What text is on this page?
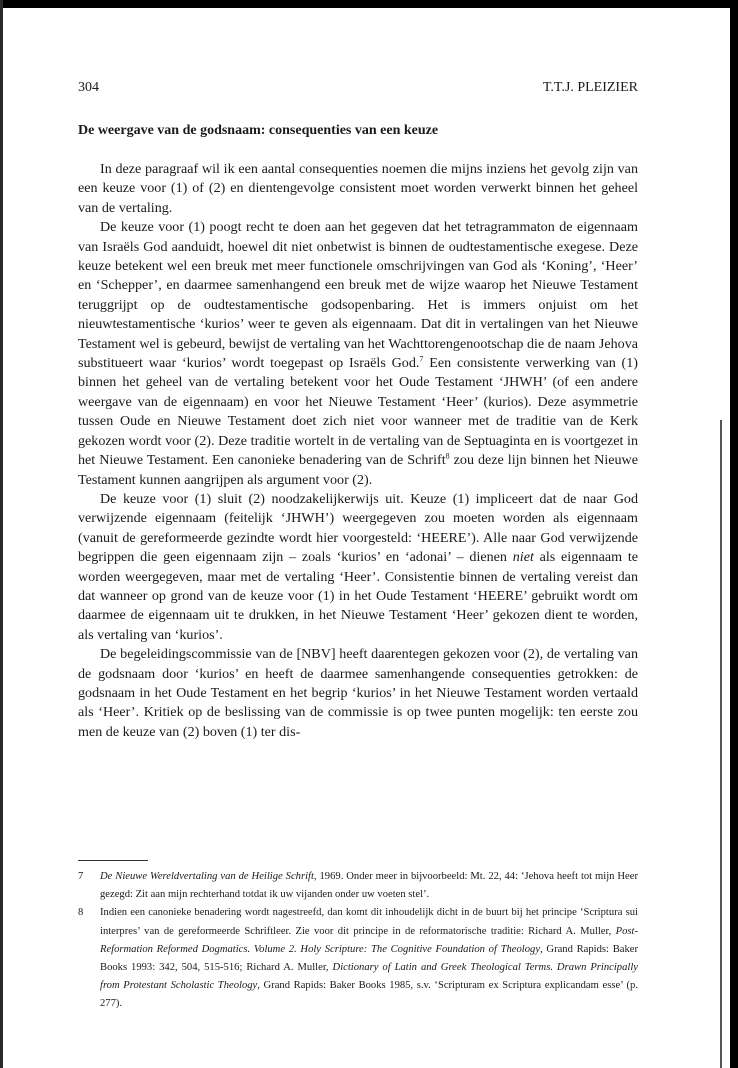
304	T.T.J. PLEIZIER
De weergave van de godsnaam: consequenties van een keuze

In deze paragraaf wil ik een aantal consequenties noemen die mijns inziens het gevolg zijn van een keuze voor (1) of (2) en dientengevolge consistent moet worden verwerkt binnen het geheel van de vertaling.

De keuze voor (1) poogt recht te doen aan het gegeven dat het tetragrammaton de eigennaam van Israëls God aanduidt, hoewel dit niet onbetwist is binnen de oudtestamentische exegese. Deze keuze betekent wel een breuk met meer functionele omschrijvingen van God als ‘Koning’, ‘Heer’ en ‘Schepper’, en daarmee samenhangend een breuk met de wijze waarop het Nieuwe Testament teruggrijpt op de oudtestamentische godsopenbaring. Het is immers onjuist om het nieuwtestamentische ‘kurios’ weer te geven als eigennaam. Dat dit in vertalingen van het Nieuwe Testament wel is gebeurd, bewijst de vertaling van het Wachttorengenootschap die de naam Jehova substitueert waar ‘kurios’ wordt toegepast op Israëls God.$^7$ Een consistente verwerking van (1) binnen het geheel van de vertaling betekent voor het Oude Testament ‘JHWH’ (of een andere weergave van de eigennaam) en voor het Nieuwe Testament ‘Heer’ (kurios). Deze asymmetrie tussen Oude en Nieuwe Testament doet zich niet voor wanneer met de traditie van de Kerk gekozen wordt voor (2). Deze traditie wortelt in de vertaling van de Septuaginta en is voortgezet in het Nieuwe Testament. Een canonieke benadering van de Schrift$^8$ zou deze lijn binnen het Nieuwe Testament kunnen aangrijpen als argument voor (2).

De keuze voor (1) sluit (2) noodzakelijkerwijs uit. Keuze (1) impliceert dat de naar God verwijzende eigennaam (feitelijk ‘JHWH’) weergegeven zou moeten worden als eigennaam (vanuit de gereformeerde gezindte wordt hier voorgesteld: ‘HEERE’). Alle naar God verwijzende begrippen die geen eigennaam zijn – zoals ‘kurios’ en ‘adonai’ – dienen niet als eigennaam te worden weergegeven, maar met de vertaling ‘Heer’. Consistentie binnen de vertaling vereist dan dat wanneer op grond van de keuze voor (1) in het Oude Testament ‘HEERE’ gebruikt wordt om daarmee de eigennaam uit te drukken, in het Nieuwe Testament ‘Heer’ gekozen dient te worden, als vertaling van ‘kurios’.

De begeleidingscommissie van de [NBV] heeft daarentegen gekozen voor (2), de vertaling van de godsnaam door ‘kurios’ en heeft de daarmee samenhangende consequenties getrokken: de godsnaam in het Oude Testament en het begrip ‘kurios’ in het Nieuwe Testament worden vertaald als ‘Heer’. Kritiek op de beslissing van de commissie is op twee punten mogelijk: ten eerste zou men de keuze van (2) boven (1) ter dis-

7	De Nieuwe Wereldvertaling van de Heilige Schrift, 1969. Onder meer in bijvoorbeeld: Mt. 22, 44: ‘Jehova heeft tot mijn Heer gezegd: Zit aan mijn rechterhand totdat ik uw vijanden onder uw voeten stel’.
8	Indien een canonieke benadering wordt nagestreefd, dan komt dit inhoudelijk dicht in de buurt bij het principe ‘Scriptura sui interpres’ van de gereformeerde Schriftleer. Zie voor dit principe in de reformatorische traditie: Richard A. Muller, Post-Reformation Reformed Dogmatics. Volume 2. Holy Scripture: The Cognitive Foundation of Theology, Grand Rapids: Baker Books 1993: 342, 504, 515-516; Richard A. Muller, Dictionary of Latin and Greek Theological Terms. Drawn Principally from Protestant Scholastic Theology, Grand Rapids: Baker Books 1985, s.v. ‘Scripturam ex Scriptura explicandam esse’ (p. 277).
